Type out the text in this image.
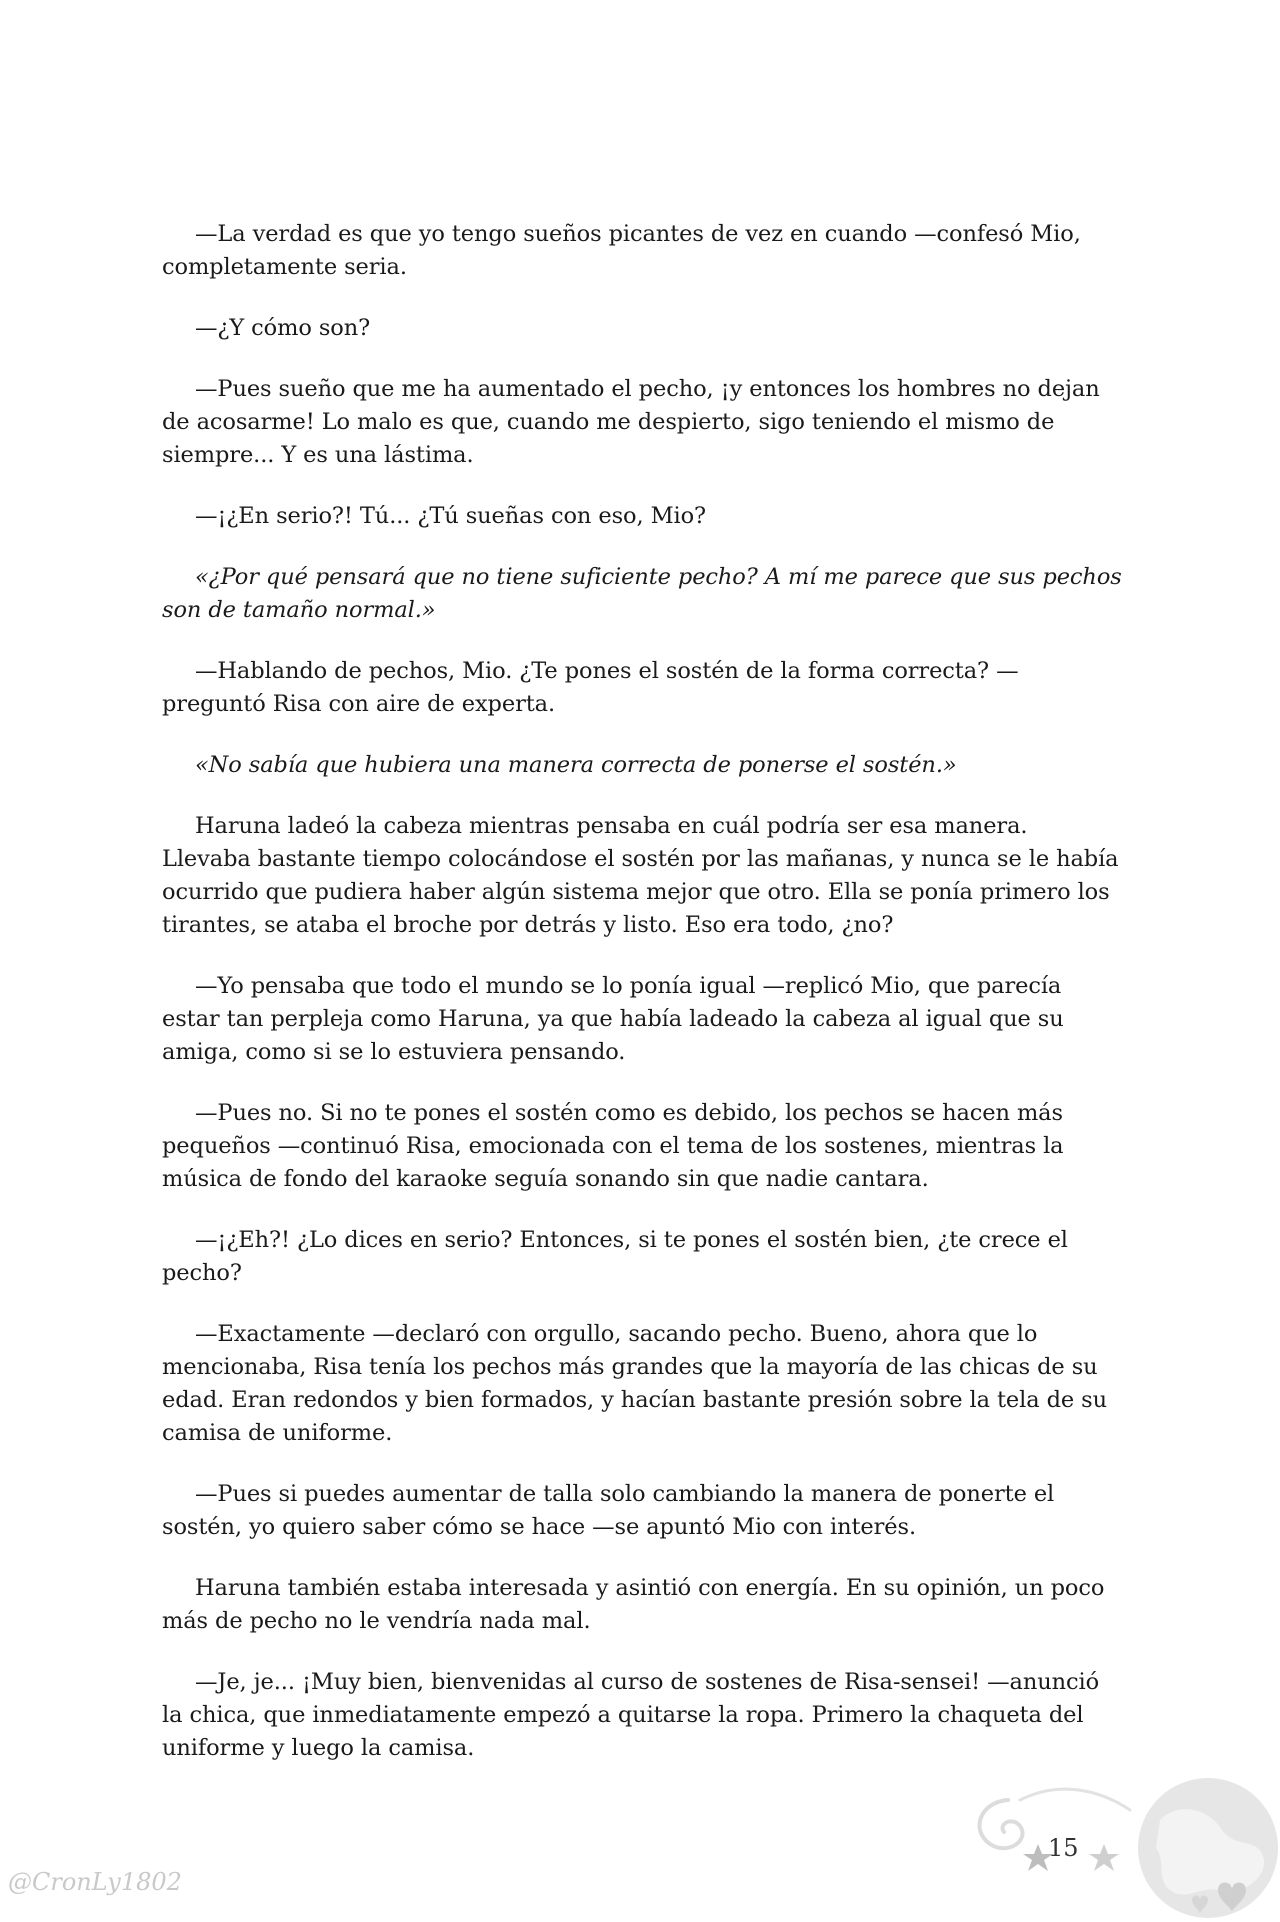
—La verdad es que yo tengo sueños picantes de vez en cuando —confesó Mio, completamente seria.

—¿Y cómo son?

—Pues sueño que me ha aumentado el pecho, ¡y entonces los hombres no dejan de acosarme! Lo malo es que, cuando me despierto, sigo teniendo el mismo de siempre... Y es una lástima.

—¡¿En serio?! Tú... ¿Tú sueñas con eso, Mio?

«¿Por qué pensará que no tiene suficiente pecho? A mí me parece que sus pechos son de tamaño normal.»

—Hablando de pechos, Mio. ¿Te pones el sostén de la forma correcta? —preguntó Risa con aire de experta.

«No sabía que hubiera una manera correcta de ponerse el sostén.»

Haruna ladeó la cabeza mientras pensaba en cuál podría ser esa manera. Llevaba bastante tiempo colocándose el sostén por las mañanas, y nunca se le había ocurrido que pudiera haber algún sistema mejor que otro. Ella se ponía primero los tirantes, se ataba el broche por detrás y listo. Eso era todo, ¿no?

—Yo pensaba que todo el mundo se lo ponía igual —replicó Mio, que parecía estar tan perpleja como Haruna, ya que había ladeado la cabeza al igual que su amiga, como si se lo estuviera pensando.

—Pues no. Si no te pones el sostén como es debido, los pechos se hacen más pequeños —continuó Risa, emocionada con el tema de los sostenes, mientras la música de fondo del karaoke seguía sonando sin que nadie cantara.

—¡¿Eh?! ¿Lo dices en serio? Entonces, si te pones el sostén bien, ¿te crece el pecho?

—Exactamente —declaró con orgullo, sacando pecho. Bueno, ahora que lo mencionaba, Risa tenía los pechos más grandes que la mayoría de las chicas de su edad. Eran redondos y bien formados, y hacían bastante presión sobre la tela de su camisa de uniforme.

—Pues si puedes aumentar de talla solo cambiando la manera de ponerte el sostén, yo quiero saber cómo se hace —se apuntó Mio con interés.

Haruna también estaba interesada y asintió con energía. En su opinión, un poco más de pecho no le vendría nada mal.

—Je, je... ¡Muy bien, bienvenidas al curso de sostenes de Risa-sensei! —anunció la chica, que inmediatamente empezó a quitarse la ropa. Primero la chaqueta del uniforme y luego la camisa.

@CronLy1802
15
